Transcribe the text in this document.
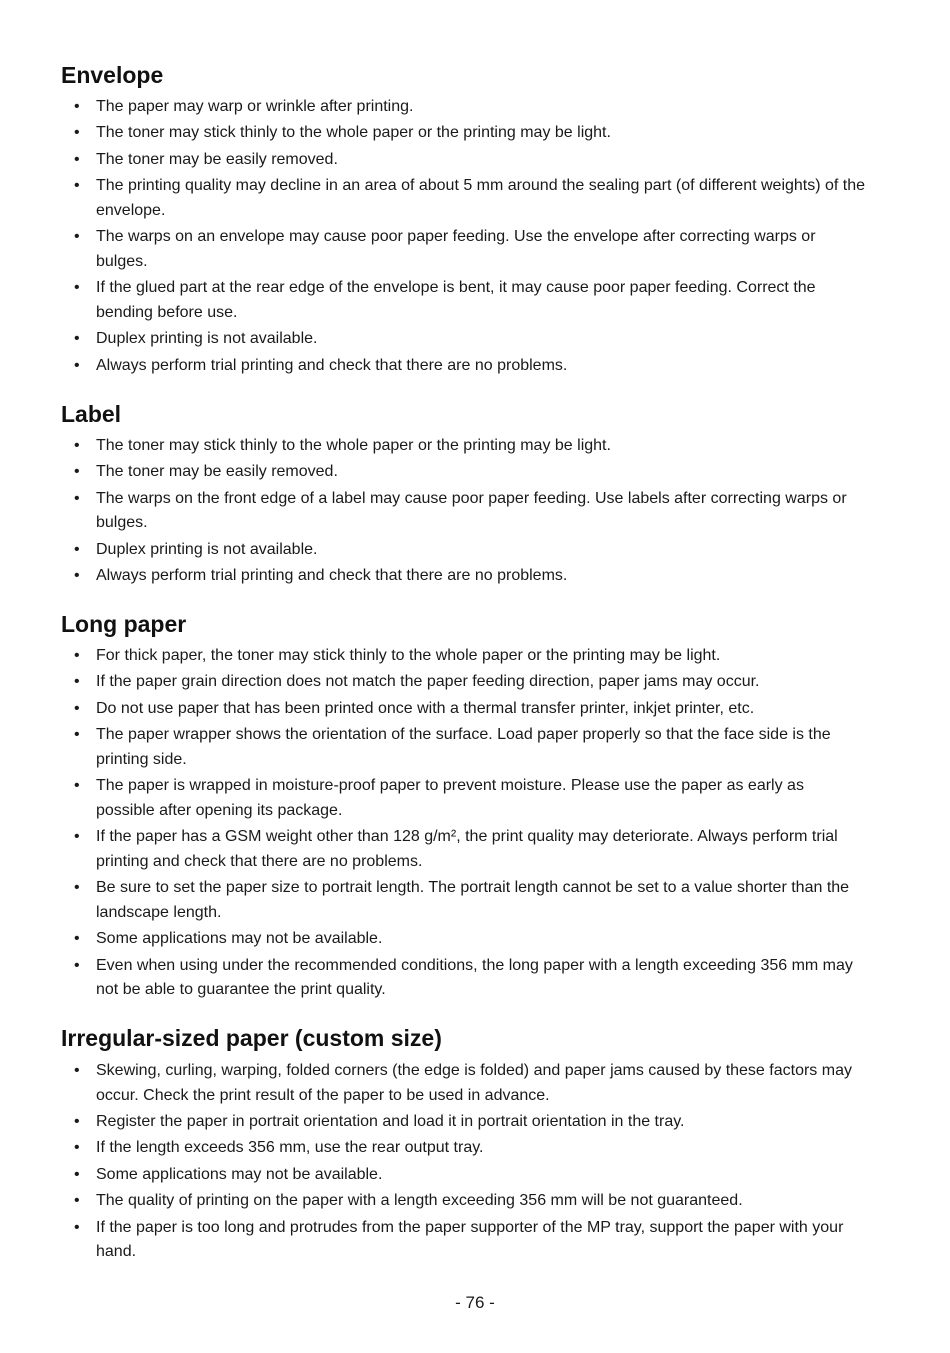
Envelope
• The paper may warp or wrinkle after printing.
• The toner may stick thinly to the whole paper or the printing may be light.
• The toner may be easily removed.
• The printing quality may decline in an area of about 5 mm around the sealing part (of different weights) of the envelope.
• The warps on an envelope may cause poor paper feeding. Use the envelope after correcting warps or bulges.
• If the glued part at the rear edge of the envelope is bent, it may cause poor paper feeding. Correct the bending before use.
• Duplex printing is not available.
• Always perform trial printing and check that there are no problems.
Label
• The toner may stick thinly to the whole paper or the printing may be light.
• The toner may be easily removed.
• The warps on the front edge of a label may cause poor paper feeding. Use labels after correcting warps or bulges.
• Duplex printing is not available.
• Always perform trial printing and check that there are no problems.
Long paper
• For thick paper, the toner may stick thinly to the whole paper or the printing may be light.
• If the paper grain direction does not match the paper feeding direction, paper jams may occur.
• Do not use paper that has been printed once with a thermal transfer printer, inkjet printer, etc.
• The paper wrapper shows the orientation of the surface. Load paper properly so that the face side is the printing side.
• The paper is wrapped in moisture-proof paper to prevent moisture. Please use the paper as early as possible after opening its package.
• If the paper has a GSM weight other than 128 g/m², the print quality may deteriorate. Always perform trial printing and check that there are no problems.
• Be sure to set the paper size to portrait length. The portrait length cannot be set to a value shorter than the landscape length.
• Some applications may not be available.
• Even when using under the recommended conditions, the long paper with a length exceeding 356 mm may not be able to guarantee the print quality.
Irregular-sized paper (custom size)
• Skewing, curling, warping, folded corners (the edge is folded) and paper jams caused by these factors may occur. Check the print result of the paper to be used in advance.
• Register the paper in portrait orientation and load it in portrait orientation in the tray.
• If the length exceeds 356 mm, use the rear output tray.
• Some applications may not be available.
• The quality of printing on the paper with a length exceeding 356 mm will be not guaranteed.
• If the paper is too long and protrudes from the paper supporter of the MP tray, support the paper with your hand.
- 76 -
